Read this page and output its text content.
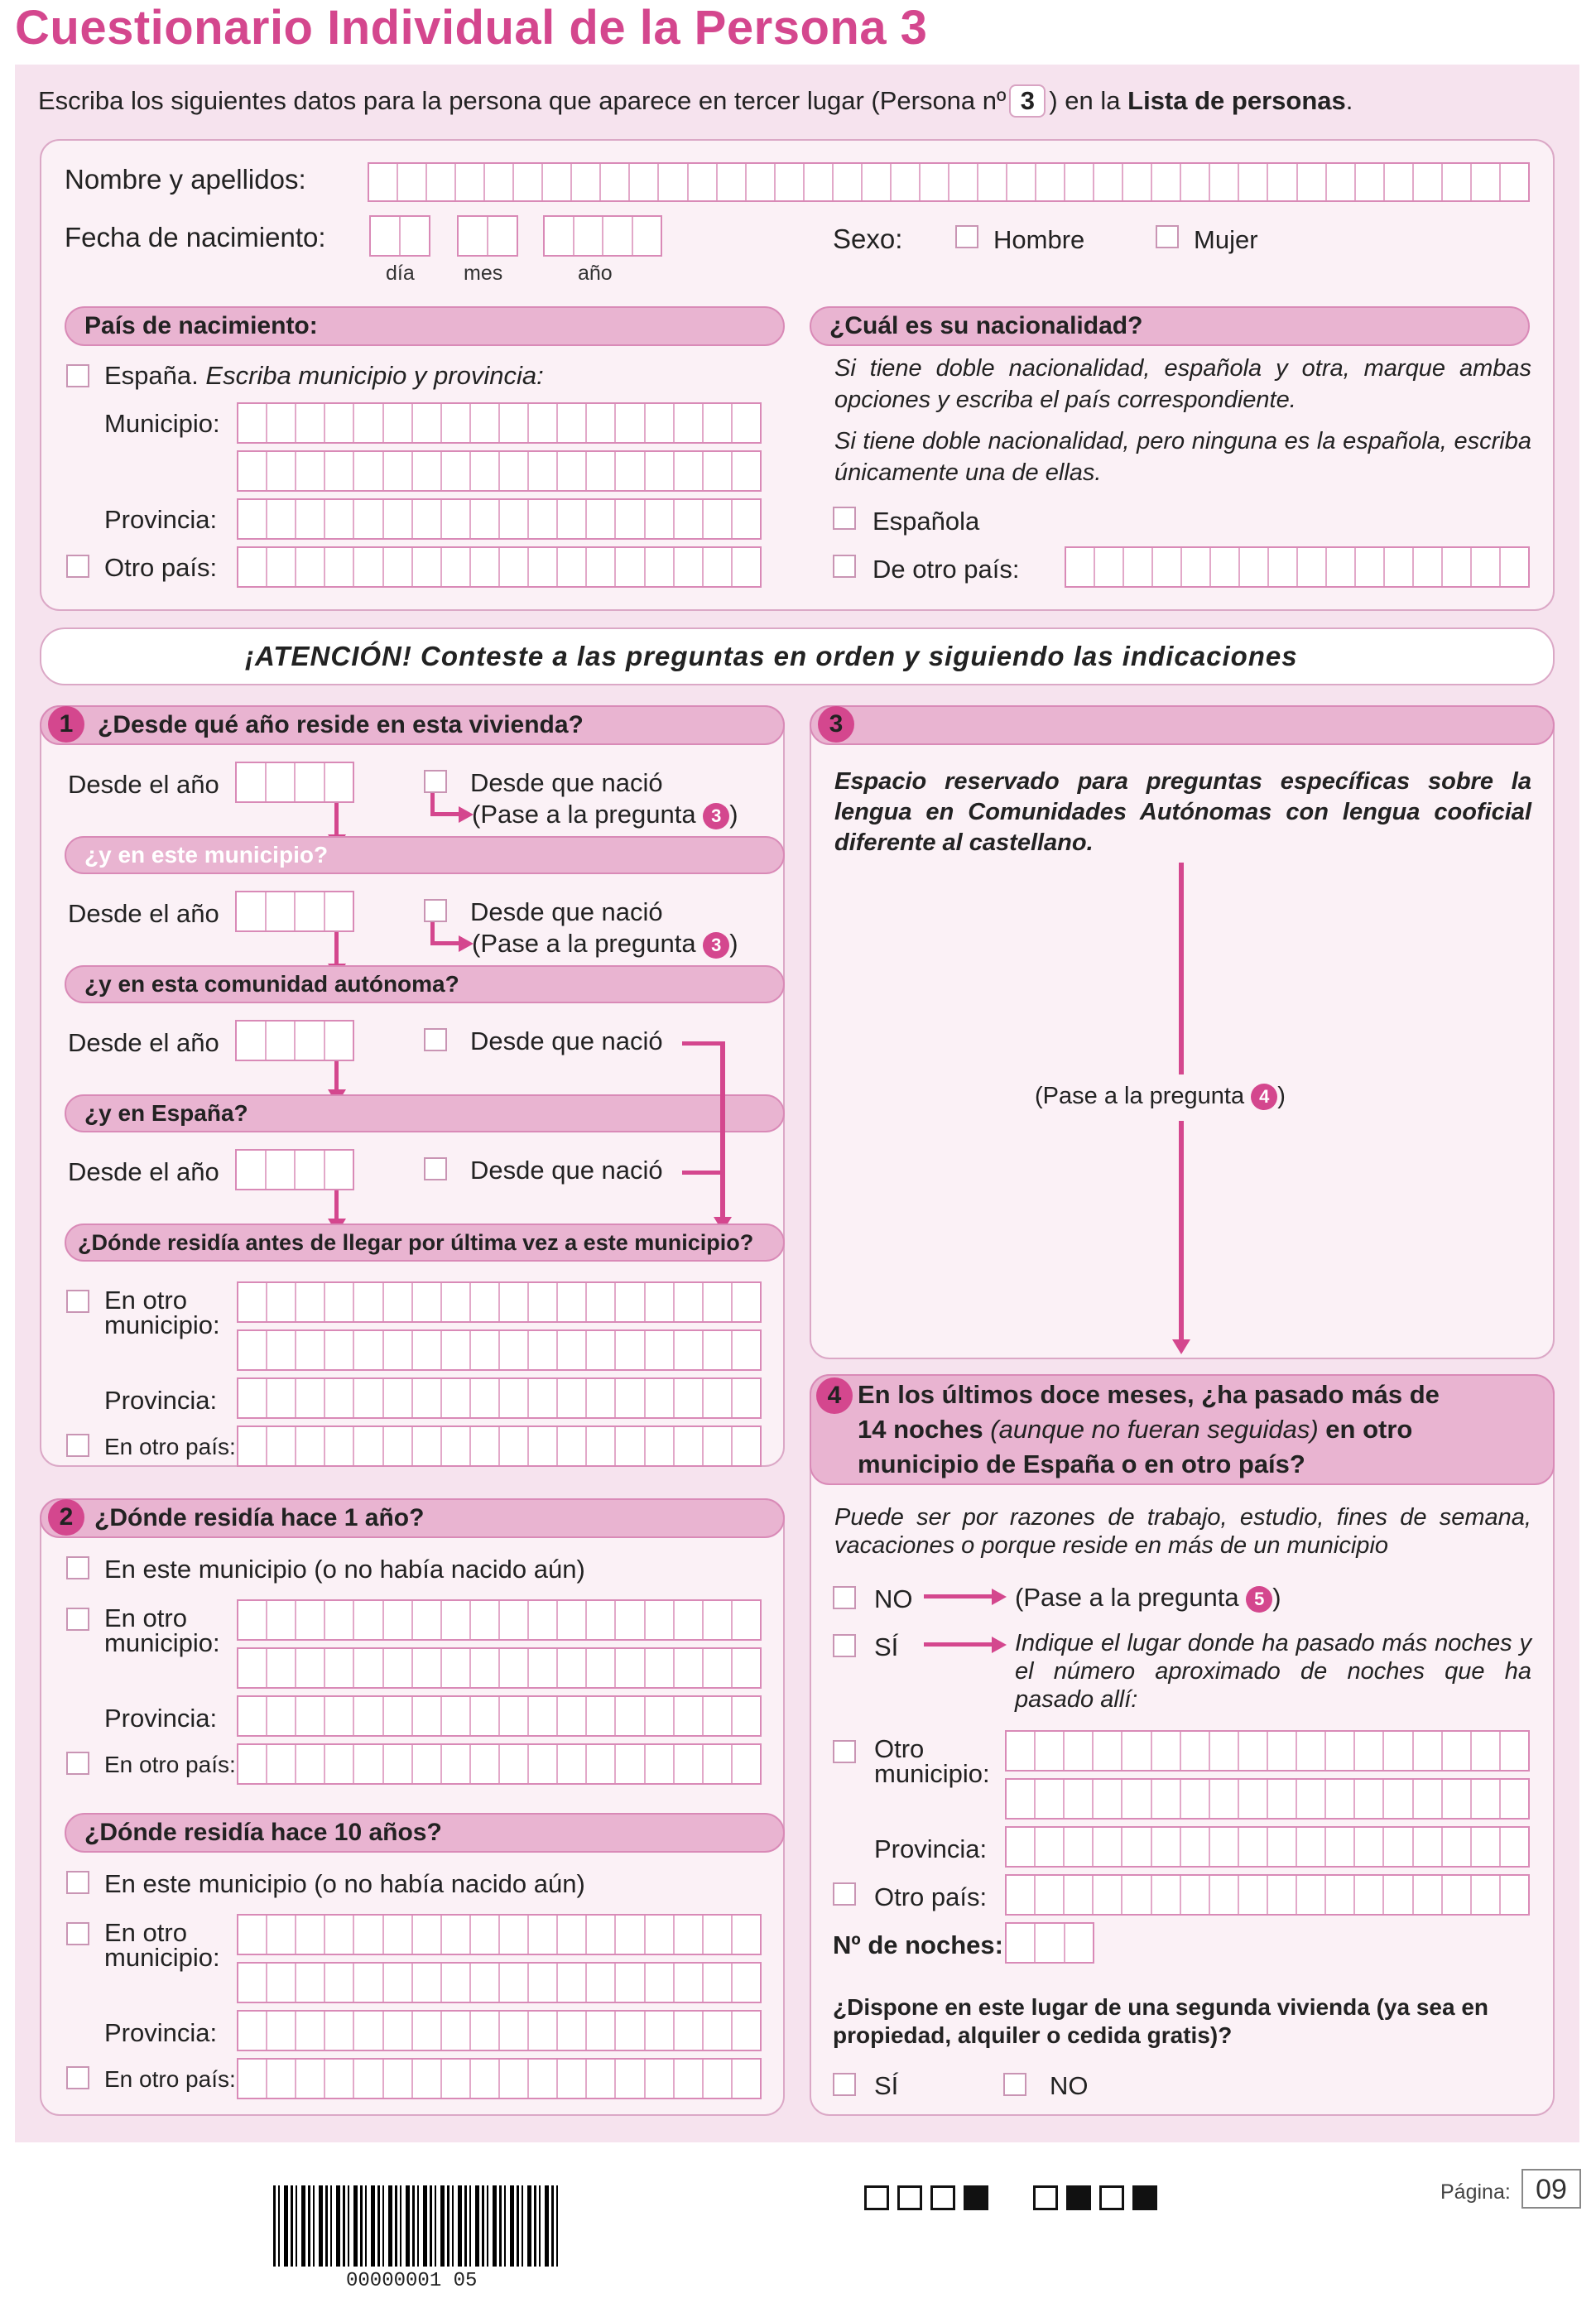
Cuestionario Individual de la Persona 3
Escriba los siguientes datos para la persona que aparece en tercer lugar (Persona nº 3 ) en la Lista de personas.
Nombre y apellidos:
Fecha de nacimiento:
día mes	año
Sexo:	Hombre	Mujer
País de nacimiento:
España. Escriba municipio y provincia:
Municipio:
Provincia:
Otro país:
¿Cuál es su nacionalidad?
Si tiene doble nacionalidad, española y otra, marque ambas opciones y escriba el país correspondiente.
Si tiene doble nacionalidad, pero ninguna es la española, escriba únicamente una de ellas.
Española
De otro país:
¡ATENCIÓN! Conteste a las preguntas en orden y siguiendo las indicaciones
1 ¿Desde qué año reside en esta vivienda?
Desde el año	Desde que nació
(Pase a la pregunta 3 )
¿y en este municipio?
Desde el año	Desde que nació
(Pase a la pregunta 3 )
¿y en esta comunidad autónoma?
Desde el año	Desde que nació
¿y en España?
Desde el año	Desde que nació
¿Dónde residía antes de llegar por última vez a este municipio?
En otro
municipio:
Provincia:
En otro país:
2 ¿Dónde residía hace 1 año?
En este municipio (o no había nacido aún)
En otro
municipio:
Provincia:
En otro país:
¿Dónde residía hace 10 años?
En este municipio (o no había nacido aún)
En otro
municipio:
Provincia:
En otro país:
3
Espacio reservado para preguntas específicas sobre la lengua en Comunidades Autónomas con lengua cooficial diferente al castellano.
(Pase a la pregunta 4 )
4 En los últimos doce meses, ¿ha pasado más de
14 noches (aunque no fueran seguidas) en otro
municipio de España o en otro país?
Puede ser por razones de trabajo, estudio, fines de semana, vacaciones o porque reside en más de un municipio
NO	(Pase a la pregunta 5 )
SÍ	Indique el lugar donde ha pasado más noches y el número aproximado de noches que ha pasado allí:
Otro
municipio:
Provincia:
Otro país:
Nº de noches:
¿Dispone en este lugar de una segunda vivienda (ya sea en propiedad, alquiler o cedida gratis)?
SÍ	NO
00000001 05
Página: 09
